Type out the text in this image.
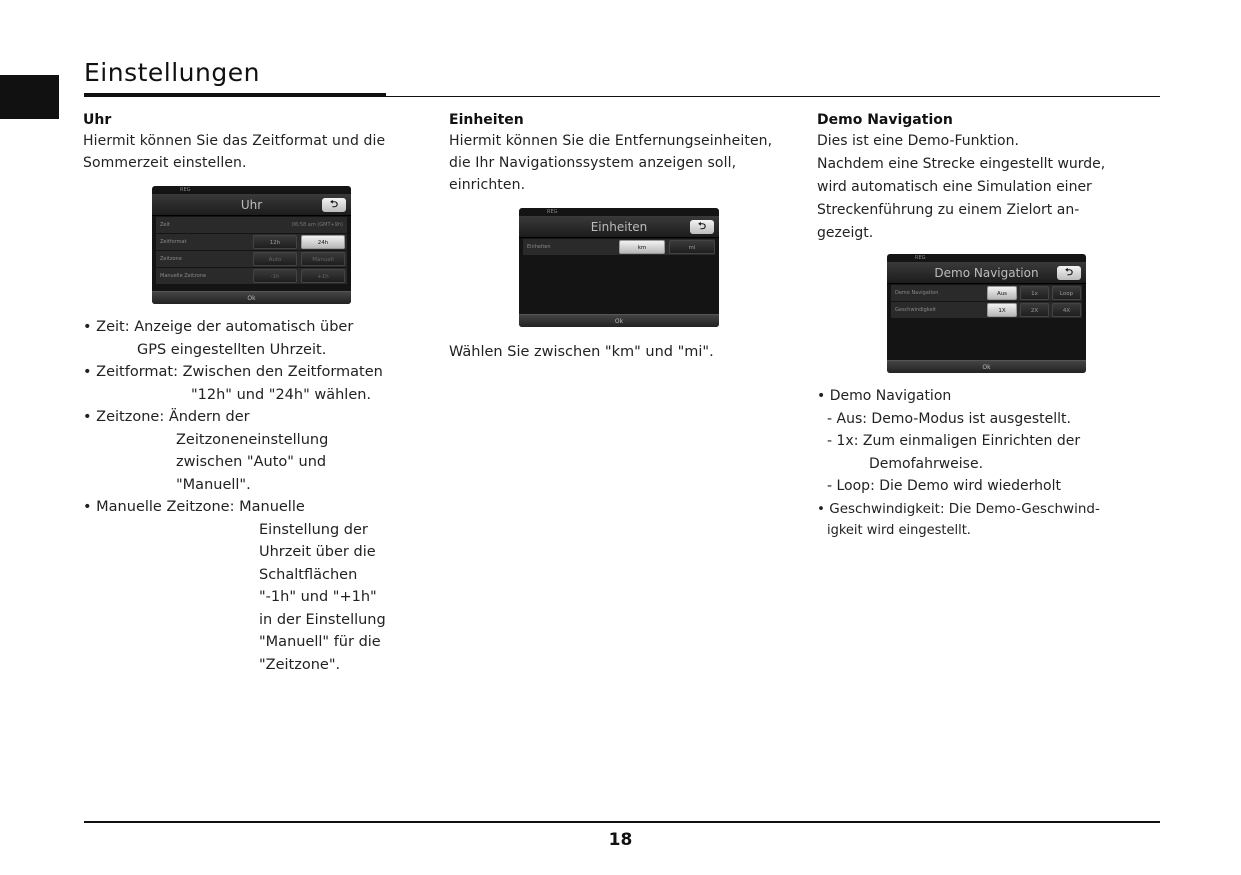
Einstellungen
Uhr
Hiermit können Sie das Zeitformat und die
Sommerzeit einstellen.
REG
Uhr	⮌
Zeit	06:58 am (GMT+9h)
Zeitformat	12h	24h
Zeitzone	Auto	Manuell
Manuelle Zeitzone	-1h	+1h
Ok
• Zeit: Anzeige der automatisch über
GPS eingestellten Uhrzeit.
• Zeitformat: Zwischen den Zeitformaten
"12h" und "24h" wählen.
• Zeitzone: Ändern der
Zeitzoneneinstellung
zwischen "Auto" und
"Manuell".
• Manuelle Zeitzone: Manuelle
Einstellung der
Uhrzeit über die
Schaltflächen
"-1h" und "+1h"
in der Einstellung
"Manuell" für die
"Zeitzone".
Einheiten
Hiermit können Sie die Entfernungseinheiten,
die Ihr Navigationssystem anzeigen soll,
einrichten.
REG
Einheiten	⮌
Einheiten	km	mi
Ok
Wählen Sie zwischen "km" und "mi".
Demo Navigation
Dies ist eine Demo-Funktion.
Nachdem eine Strecke eingestellt wurde,
wird automatisch eine Simulation einer
Streckenführung zu einem Zielort an-
gezeigt.
REG
Demo Navigation	⮌
Demo Navigation	Aus	1x	Loop
Geschwindigkeit	1X	2X	4X
Ok
• Demo Navigation
- Aus: Demo-Modus ist ausgestellt.
- 1x: Zum einmaligen Einrichten der
Demofahrweise.
- Loop: Die Demo wird wiederholt
• Geschwindigkeit: Die Demo-Geschwind-
igkeit wird eingestellt.
18
